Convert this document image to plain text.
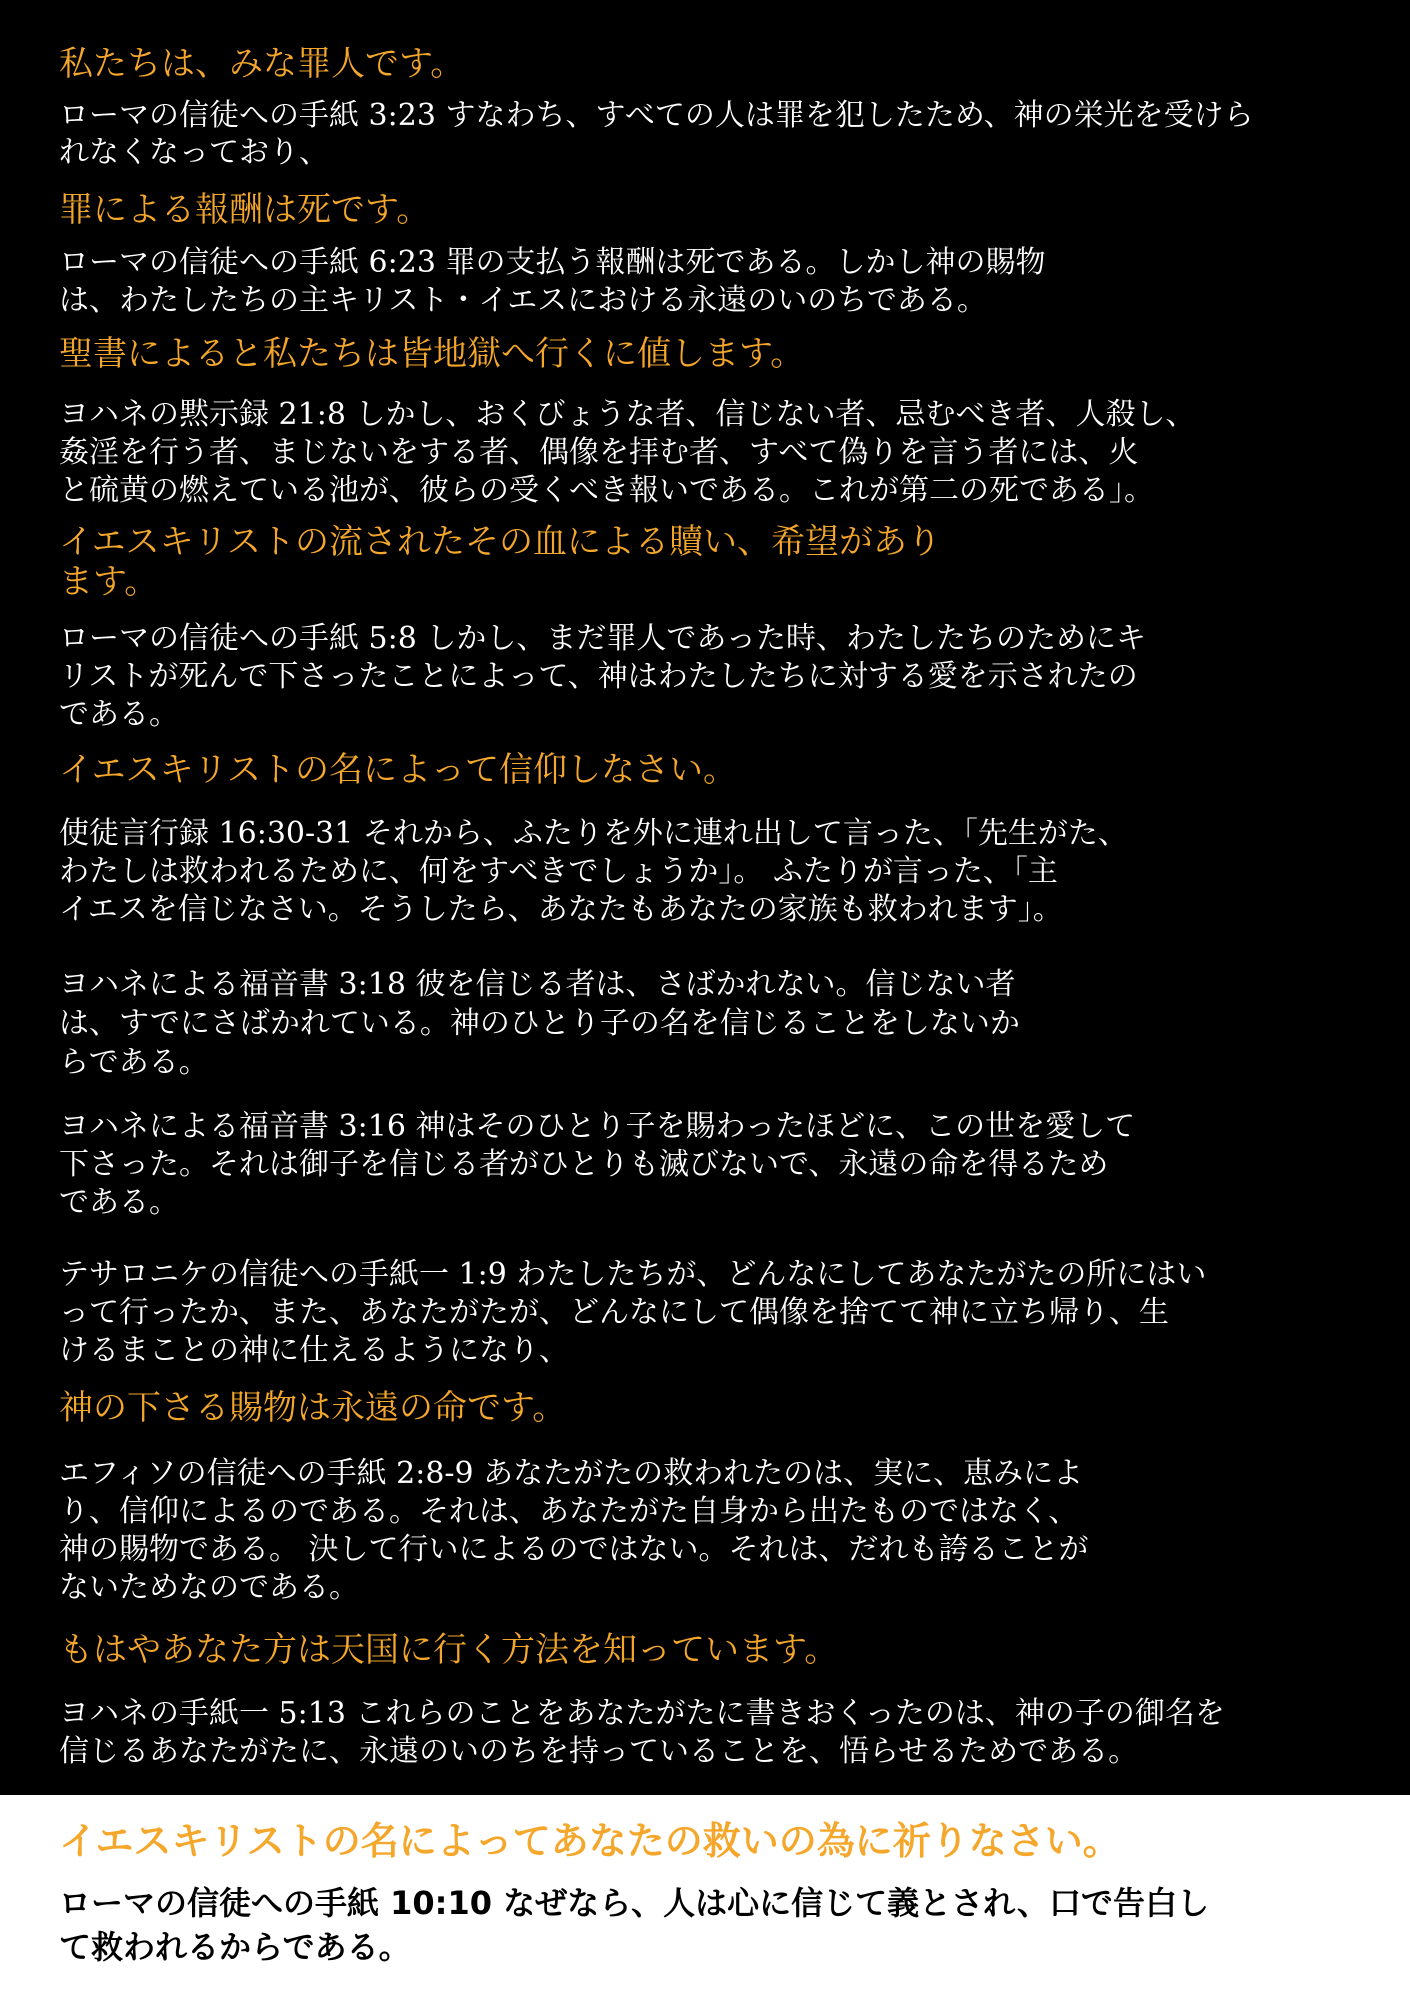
私たちは、みな罪人です。
ローマの信徒への手紙 3:23 すなわち、すべての人は罪を犯したため、神の栄光を受けら
れなくなっており、
罪による報酬は死です。
ローマの信徒への手紙 6:23 罪の支払う報酬は死である。しかし神の賜物
は、わたしたちの主キリスト・イエスにおける永遠のいのちである。
聖書によると私たちは皆地獄へ行くに値します。
ヨハネの黙示録 21:8 しかし、おくびょうな者、信じない者、忌むべき者、人殺し、
姦淫を行う者、まじないをする者、偶像を拝む者、すべて偽りを言う者には、火
と硫黄の燃えている池が、彼らの受くべき報いである。これが第二の死である」。
イエスキリストの流されたその血による贖い、希望があり
ます。
ローマの信徒への手紙 5:8 しかし、まだ罪人であった時、わたしたちのためにキ
リストが死んで下さったことによって、神はわたしたちに対する愛を示されたの
である。
イエスキリストの名によって信仰しなさい。
使徒言行録 16:30-31 それから、ふたりを外に連れ出して言った、「先生がた、
わたしは救われるために、何をすべきでしょうか」。 ふたりが言った、「主
イエスを信じなさい。そうしたら、あなたもあなたの家族も救われます」。
ヨハネによる福音書 3:18 彼を信じる者は、さばかれない。信じない者
は、すでにさばかれている。神のひとり子の名を信じることをしないか
らである。
ヨハネによる福音書 3:16 神はそのひとり子を賜わったほどに、この世を愛して
下さった。それは御子を信じる者がひとりも滅びないで、永遠の命を得るため
である。
テサロニケの信徒への手紙一 1:9 わたしたちが、どんなにしてあなたがたの所にはい
って行ったか、また、あなたがたが、どんなにして偶像を捨てて神に立ち帰り、生
けるまことの神に仕えるようになり、
神の下さる賜物は永遠の命です。
エフィソの信徒への手紙 2:8-9 あなたがたの救われたのは、実に、恵みによ
り、信仰によるのである。それは、あなたがた自身から出たものではなく、
神の賜物である。 決して行いによるのではない。それは、だれも誇ることが
ないためなのである。
もはやあなた方は天国に行く方法を知っています。
ヨハネの手紙一 5:13 これらのことをあなたがたに書きおくったのは、神の子の御名を
信じるあなたがたに、永遠のいのちを持っていることを、悟らせるためである。
イエスキリストの名によってあなたの救いの為に祈りなさい。
ローマの信徒への手紙 10:10 なぜなら、人は心に信じて義とされ、口で告白し
て救われるからである。
